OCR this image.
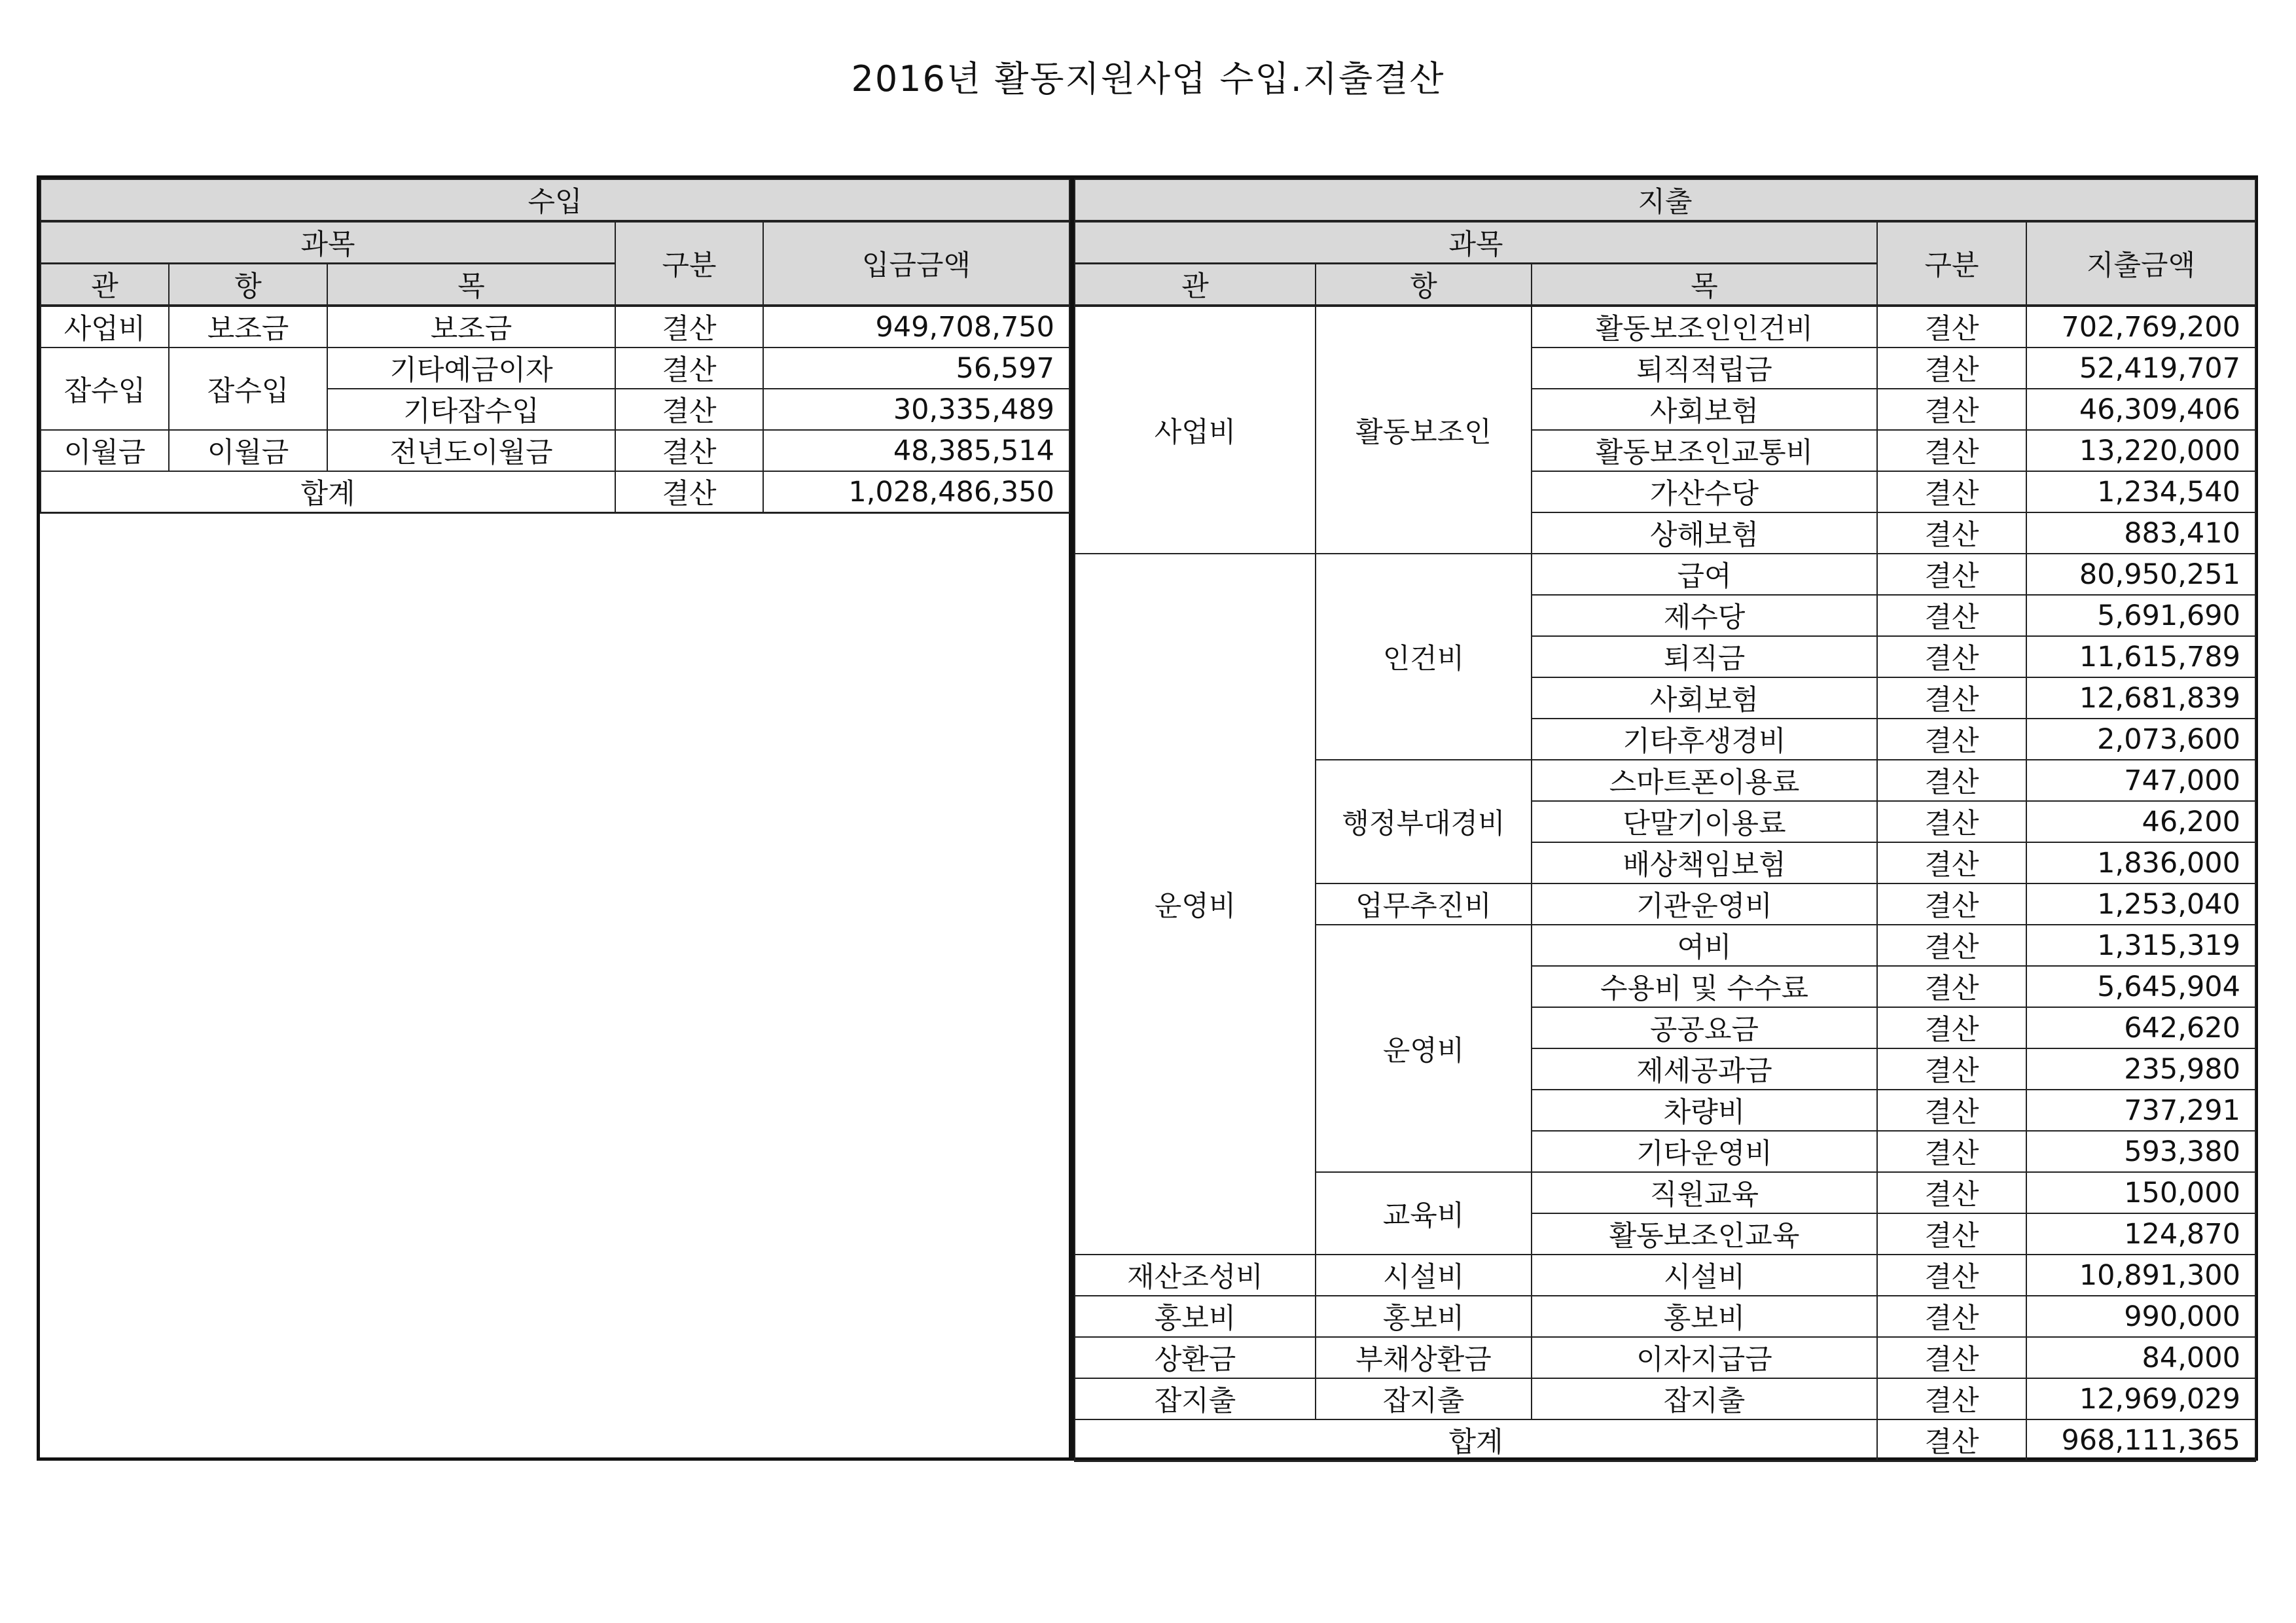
2016년 활동지원사업 수입.지출결산
수입				
과목			구분	입금금액
관	항	목		
사업비	보조금	보조금	결산	949,708,750
잡수입	잡수입	기타예금이자	결산	56,597
		기타잡수입	결산	30,335,489
이월금	이월금	전년도이월금	결산	48,385,514
합계			결산	1,028,486,350
지출				
과목			구분	지출금액
관	항	목		
사업비	활동보조인	활동보조인인건비	결산	702,769,200
		퇴직적립금	결산	52,419,707
		사회보험	결산	46,309,406
		활동보조인교통비	결산	13,220,000
		가산수당	결산	1,234,540
		상해보험	결산	883,410
운영비	인건비	급여	결산	80,950,251
		제수당	결산	5,691,690
		퇴직금	결산	11,615,789
		사회보험	결산	12,681,839
		기타후생경비	결산	2,073,600
	행정부대경비	스마트폰이용료	결산	747,000
		단말기이용료	결산	46,200
		배상책임보험	결산	1,836,000
	업무추진비	기관운영비	결산	1,253,040
	운영비	여비	결산	1,315,319
		수용비 및 수수료	결산	5,645,904
		공공요금	결산	642,620
		제세공과금	결산	235,980
		차량비	결산	737,291
		기타운영비	결산	593,380
	교육비	직원교육	결산	150,000
		활동보조인교육	결산	124,870
재산조성비	시설비	시설비	결산	10,891,300
홍보비	홍보비	홍보비	결산	990,000
상환금	부채상환금	이자지급금	결산	84,000
잡지출	잡지출	잡지출	결산	12,969,029
합계			결산	968,111,365
